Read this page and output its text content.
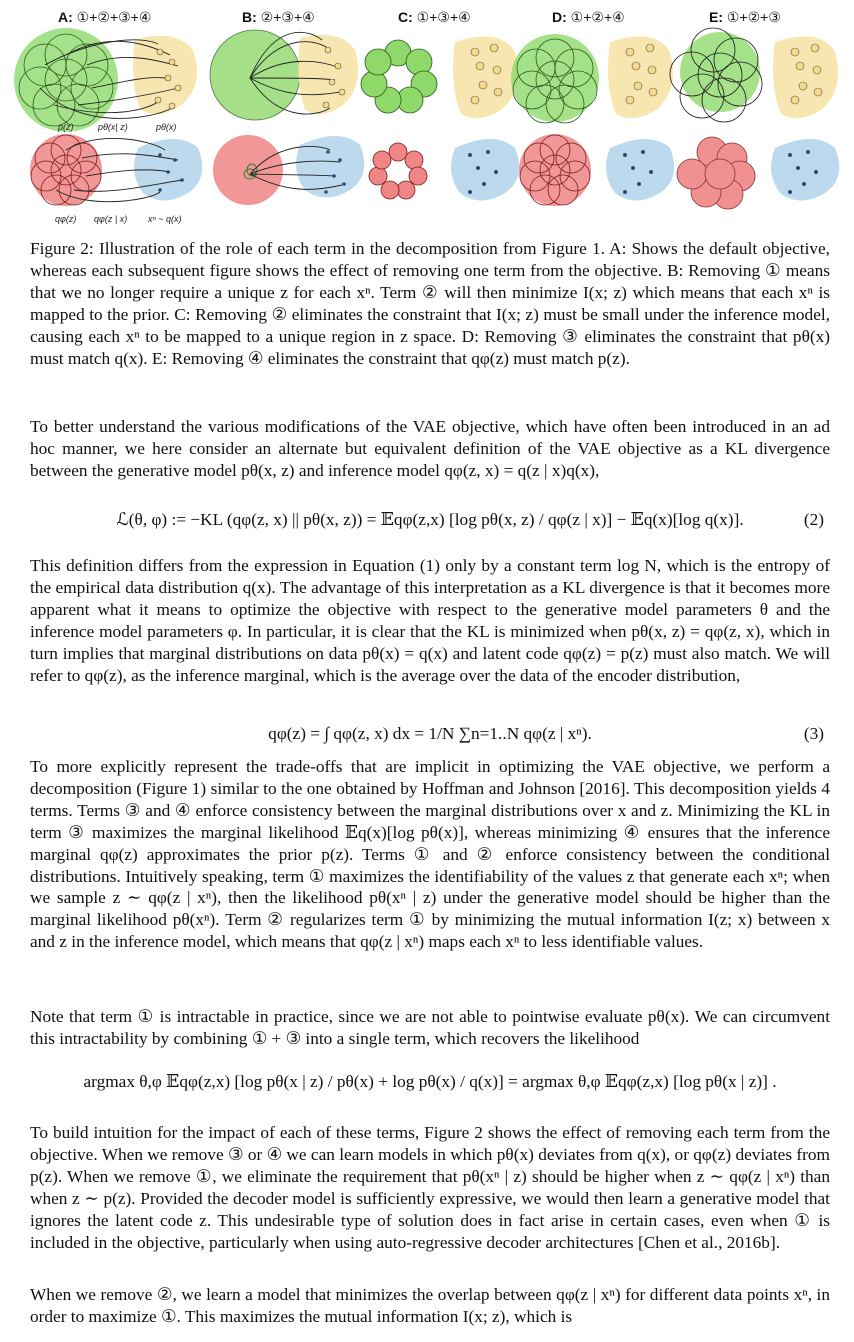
A: ①+②+③+④	B: ②+③+④	C: ①+③+④	D: ①+②+④	E: ①+②+③
p(z)	pθ(x| z)	pθ(x)
qφ(z) qφ(z | x) xⁿ ~ q(x)

Figure 2: Illustration of the role of each term in the decomposition from Figure 1. A: Shows the default objective, whereas each subsequent figure shows the effect of removing one term from the objective. B: Removing ① means that we no longer require a unique z for each xⁿ. Term ② will then minimize I(x; z) which means that each xⁿ is mapped to the prior. C: Removing ② eliminates the constraint that I(x; z) must be small under the inference model, causing each xⁿ to be mapped to a unique region in z space. D: Removing ③ eliminates the constraint that pθ(x) must match q(x). E: Removing ④ eliminates the constraint that qφ(z) must match p(z).

To better understand the various modifications of the VAE objective, which have often been introduced in an ad hoc manner, we here consider an alternate but equivalent definition of the VAE objective as a KL divergence between the generative model pθ(x, z) and inference model qφ(z, x) = q(z | x)q(x),

ℒ(θ, φ) := −KL (qφ(z, x) || pθ(x, z)) = 𝔼qφ(z,x) [log pθ(x, z) / qφ(z | x)] − 𝔼q(x)[log q(x)].	(2)

This definition differs from the expression in Equation (1) only by a constant term log N, which is the entropy of the empirical data distribution q(x). The advantage of this interpretation as a KL divergence is that it becomes more apparent what it means to optimize the objective with respect to the generative model parameters θ and the inference model parameters φ. In particular, it is clear that the KL is minimized when pθ(x, z) = qφ(z, x), which in turn implies that marginal distributions on data pθ(x) = q(x) and latent code qφ(z) = p(z) must also match. We will refer to qφ(z), as the inference marginal, which is the average over the data of the encoder distribution,

qφ(z) = ∫ qφ(z, x) dx = 1/N ∑n=1..N qφ(z | xⁿ).	(3)

To more explicitly represent the trade-offs that are implicit in optimizing the VAE objective, we perform a decomposition (Figure 1) similar to the one obtained by Hoffman and Johnson [2016]. This decomposition yields 4 terms. Terms ③ and ④ enforce consistency between the marginal distributions over x and z. Minimizing the KL in term ③ maximizes the marginal likelihood 𝔼q(x)[log pθ(x)], whereas minimizing ④ ensures that the inference marginal qφ(z) approximates the prior p(z). Terms ① and ② enforce consistency between the conditional distributions. Intuitively speaking, term ① maximizes the identifiability of the values z that generate each xⁿ; when we sample z ∼ qφ(z | xⁿ), then the likelihood pθ(xⁿ | z) under the generative model should be higher than the marginal likelihood pθ(xⁿ). Term ② regularizes term ① by minimizing the mutual information I(z; x) between x and z in the inference model, which means that qφ(z | xⁿ) maps each xⁿ to less identifiable values.

Note that term ① is intractable in practice, since we are not able to pointwise evaluate pθ(x). We can circumvent this intractability by combining ① + ③ into a single term, which recovers the likelihood

argmax θ,φ 𝔼qφ(z,x) [log pθ(x | z) / pθ(x) + log pθ(x) / q(x)] = argmax θ,φ 𝔼qφ(z,x) [log pθ(x | z)] .

To build intuition for the impact of each of these terms, Figure 2 shows the effect of removing each term from the objective. When we remove ③ or ④ we can learn models in which pθ(x) deviates from q(x), or qφ(z) deviates from p(z). When we remove ①, we eliminate the requirement that pθ(xⁿ | z) should be higher when z ∼ qφ(z | xⁿ) than when z ∼ p(z). Provided the decoder model is sufficiently expressive, we would then learn a generative model that ignores the latent code z. This undesirable type of solution does in fact arise in certain cases, even when ① is included in the objective, particularly when using auto-regressive decoder architectures [Chen et al., 2016b].

When we remove ②, we learn a model that minimizes the overlap between qφ(z | xⁿ) for different data points xⁿ, in order to maximize ①. This maximizes the mutual information I(x; z), which is
